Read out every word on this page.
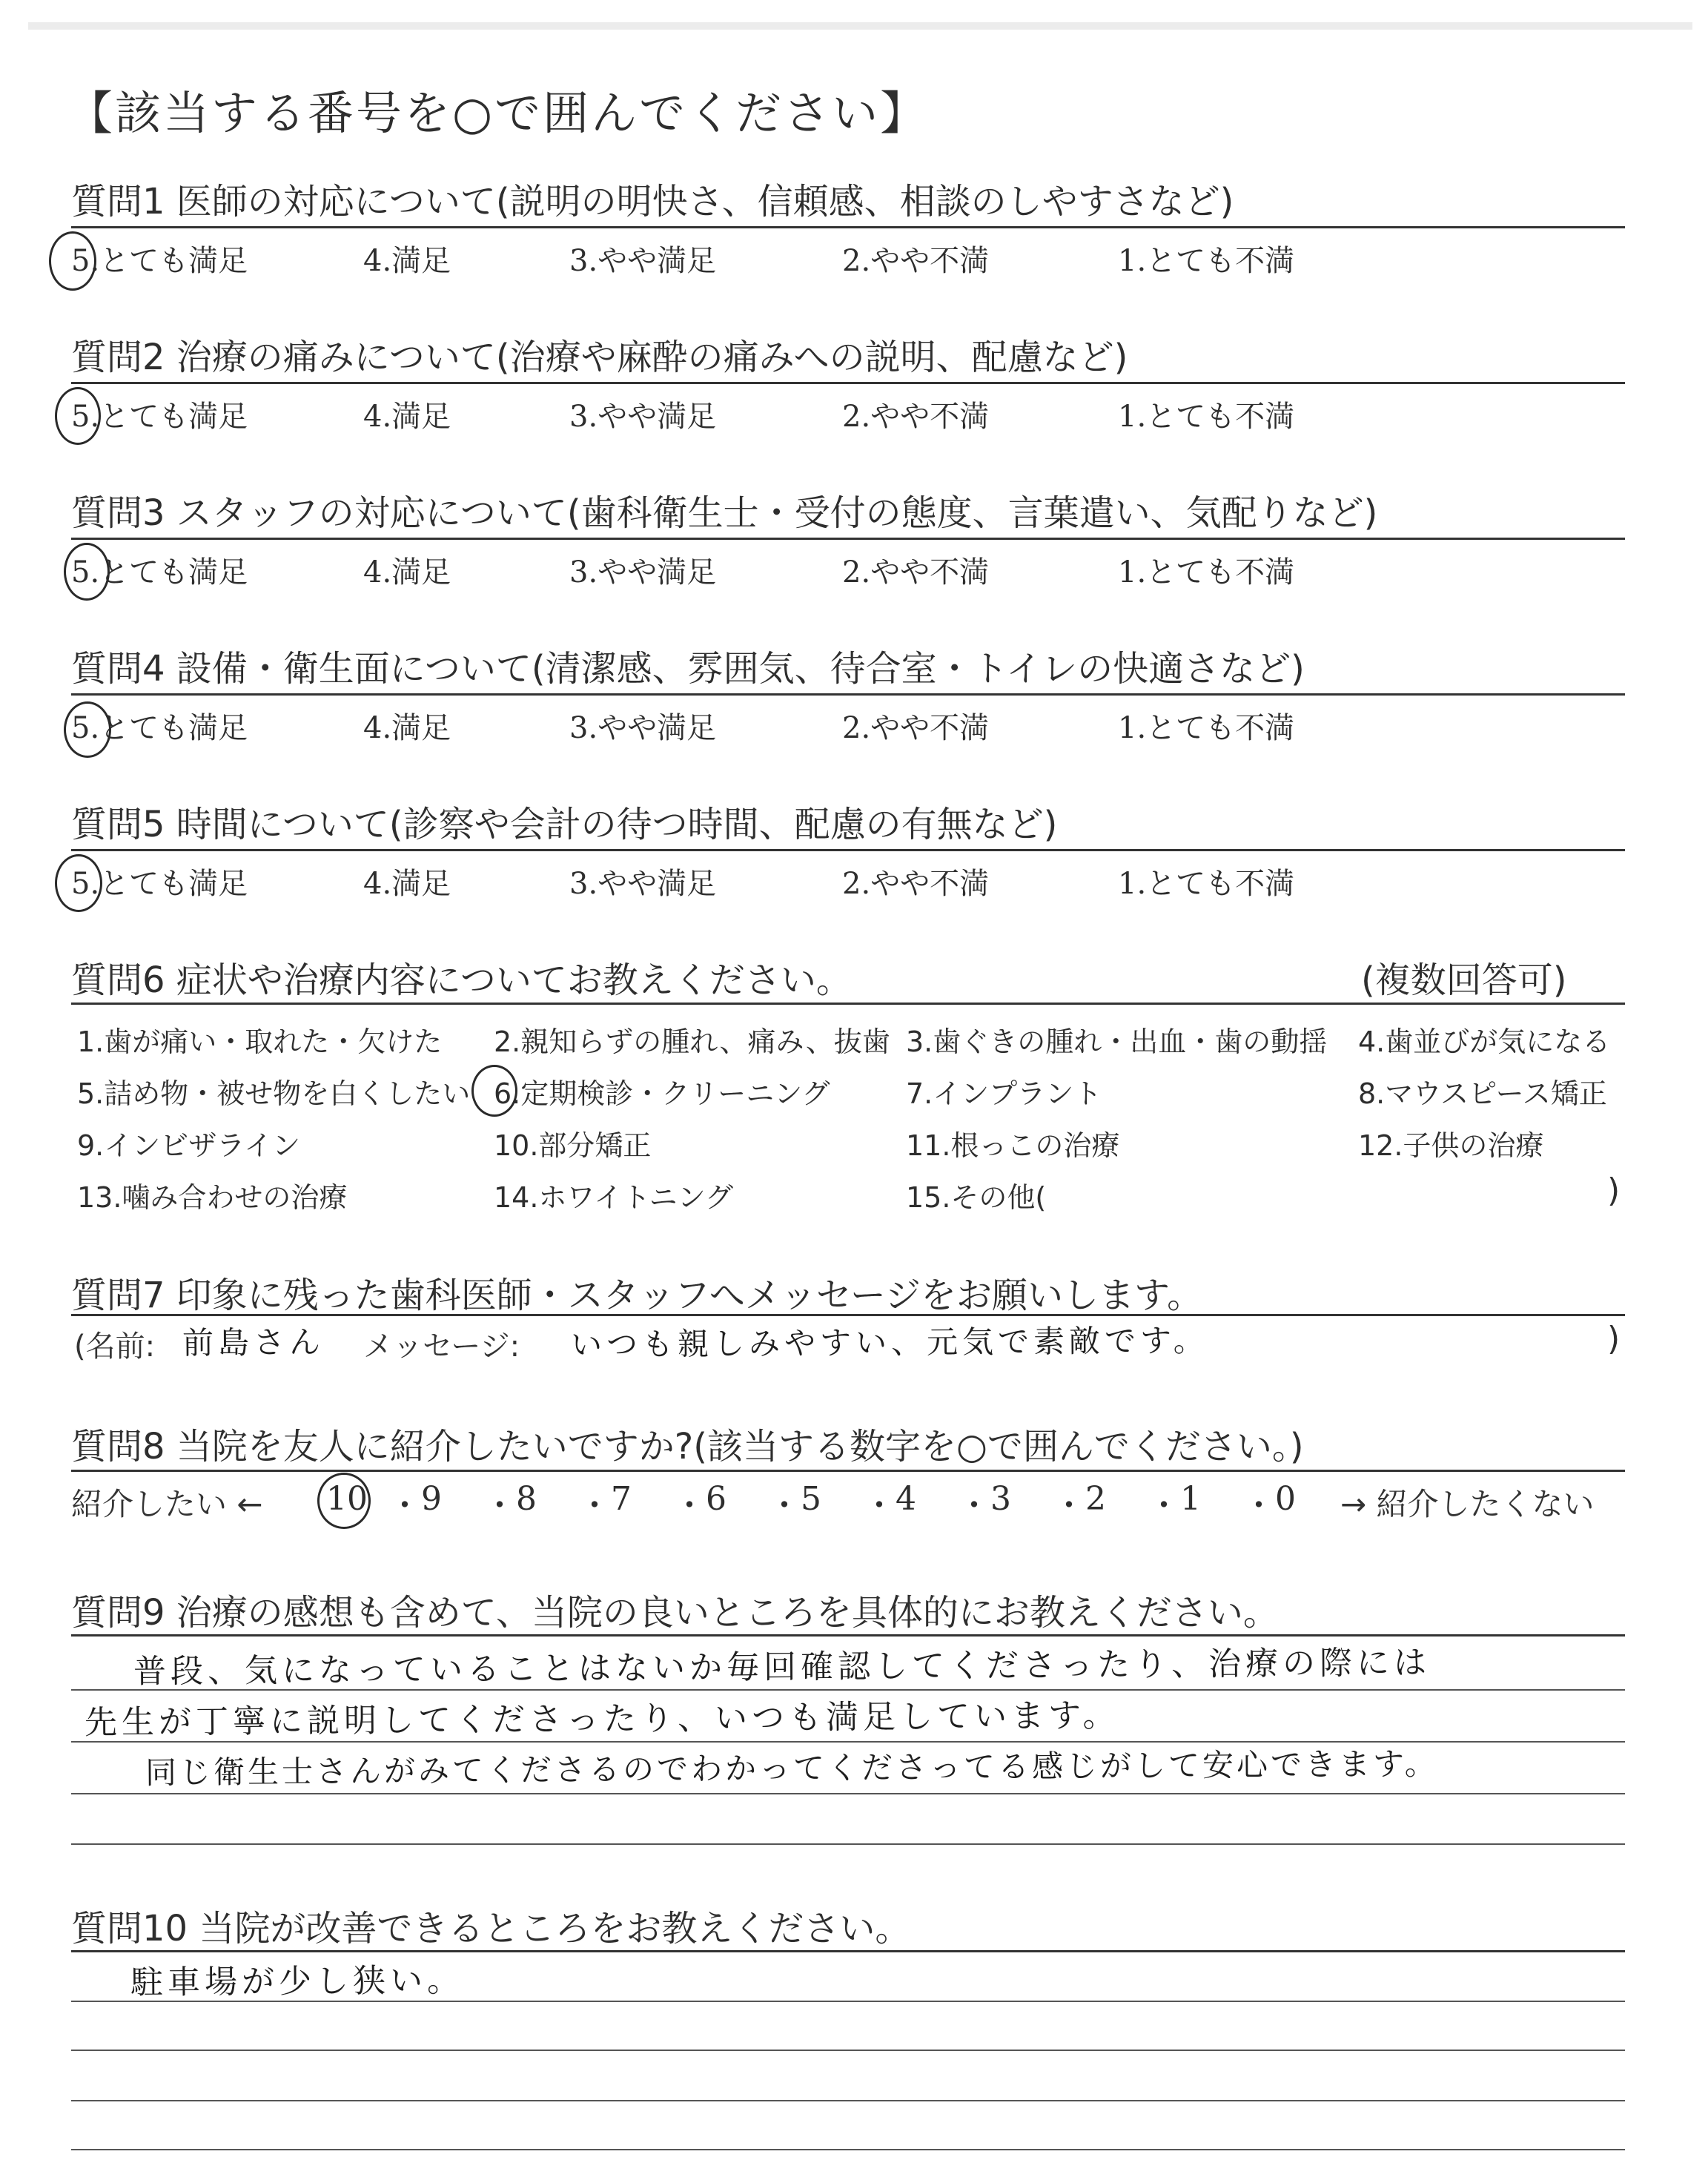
【該当する番号を○で囲んでください】
質問1 医師の対応について(説明の明快さ、信頼感、相談のしやすさなど)
5.とても満足	4.満足	3.やや満足	2.やや不満	1.とても不満
質問2 治療の痛みについて(治療や麻酔の痛みへの説明、配慮など)
5.とても満足	4.満足	3.やや満足	2.やや不満	1.とても不満
質問3 スタッフの対応について(歯科衛生士・受付の態度、言葉遣い、気配りなど)
5.とても満足	4.満足	3.やや満足	2.やや不満	1.とても不満
質問4 設備・衛生面について(清潔感、雰囲気、待合室・トイレの快適さなど)
5.とても満足	4.満足	3.やや満足	2.やや不満	1.とても不満
質問5 時間について(診察や会計の待つ時間、配慮の有無など)
5.とても満足	4.満足	3.やや満足	2.やや不満	1.とても不満
質問6 症状や治療内容についてお教えください。	(複数回答可)
1.歯が痛い・取れた・欠けた 2.親知らずの腫れ、痛み、抜歯 3.歯ぐきの腫れ・出血・歯の動揺 4.歯並びが気になる
5.詰め物・被せ物を白くしたい 6.定期検診・クリーニング	7.インプラント	8.マウスピース矯正
9.インビザライン	10.部分矯正	11.根っこの治療	12.子供の治療
13.噛み合わせの治療	14.ホワイトニング	15.その他(	)
質問7 印象に残った歯科医師・スタッフへメッセージをお願いします。
(名前: 前島さん メッセージ: いつも親しみやすい、元気で素敵です。	)
質問8 当院を友人に紹介したいですか?(該当する数字を○で囲んでください。)
紹介したい ← 10 ・ 9 ・ 8 ・ 7 ・ 6 ・ 5 ・ 4 ・ 3 ・ 2 ・ 1 ・ 0 → 紹介したくない
質問9 治療の感想も含めて、当院の良いところを具体的にお教えください。
普段、気になっていることはないか毎回確認してくださったり、治療の際には
先生が丁寧に説明してくださったり、いつも満足しています。
同じ衛生士さんがみてくださるのでわかってくださってる感じがして安心できます。
質問10 当院が改善できるところをお教えください。
駐車場が少し狭い。
